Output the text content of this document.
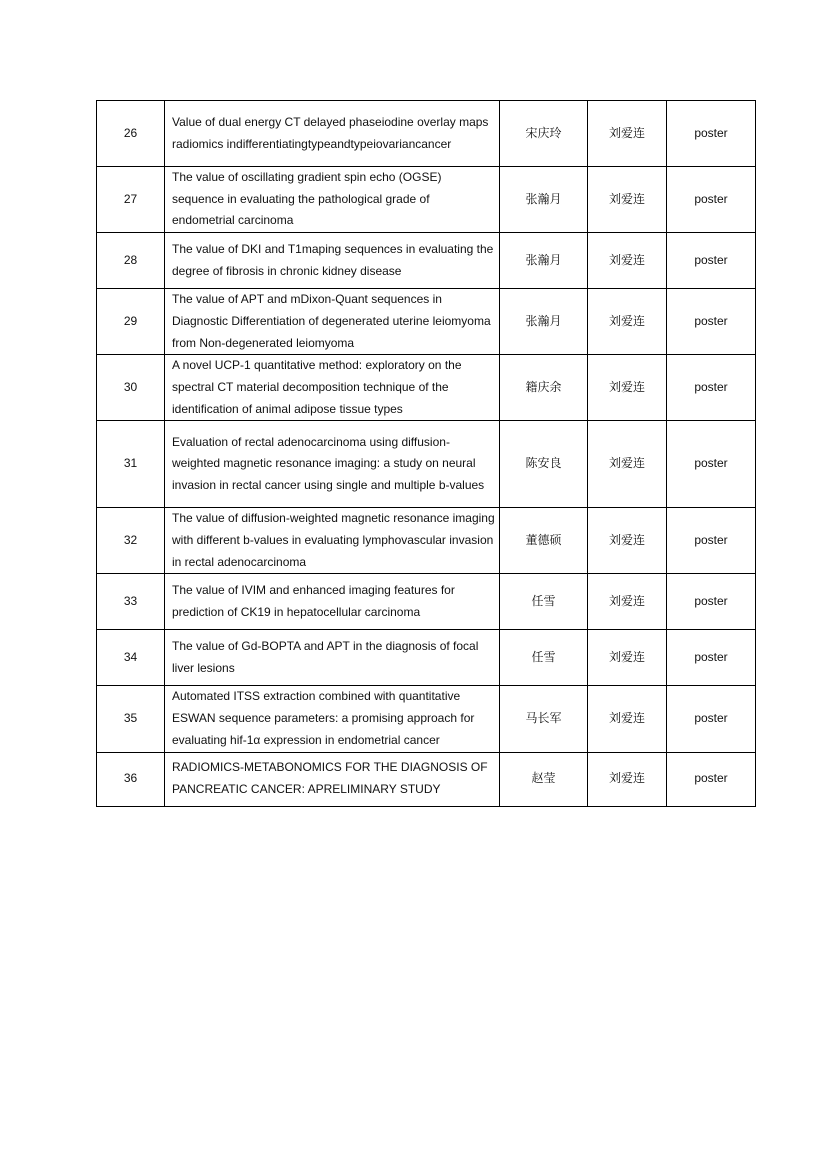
26	Value of dual energy CT delayed phaseiodine overlay maps radiomics indifferentiatingtypeandtypeiovariancancer	宋庆玲	刘爱连	poster
27	The value of oscillating gradient spin echo (OGSE) sequence in evaluating the pathological grade of endometrial carcinoma	张瀚月	刘爱连	poster
28	The value of DKI and T1maping sequences in evaluating the degree of fibrosis in chronic kidney disease	张瀚月	刘爱连	poster
29	The value of APT and mDixon-Quant sequences in Diagnostic Differentiation of degenerated uterine leiomyoma from Non-degenerated leiomyoma	张瀚月	刘爱连	poster
30	A novel UCP-1 quantitative method: exploratory on the spectral CT material decomposition technique of the identification of animal adipose tissue types	籍庆余	刘爱连	poster
31	Evaluation of rectal adenocarcinoma using diffusion-weighted magnetic resonance imaging: a study on neural invasion in rectal cancer using single and multiple b-values	陈安良	刘爱连	poster
32	The value of diffusion-weighted magnetic resonance imaging with different b-values in evaluating lymphovascular invasion in rectal adenocarcinoma	董德硕	刘爱连	poster
33	The value of IVIM and enhanced imaging features for prediction of CK19 in hepatocellular carcinoma	任雪	刘爱连	poster
34	The value of Gd-BOPTA and APT in the diagnosis of focal liver lesions	任雪	刘爱连	poster
35	Automated ITSS extraction combined with quantitative ESWAN sequence parameters: a promising approach for evaluating hif-1α expression in endometrial cancer	马长军	刘爱连	poster
36	RADIOMICS-METABONOMICS FOR THE DIAGNOSIS OF PANCREATIC CANCER: APRELIMINARY STUDY	赵莹	刘爱连	poster
